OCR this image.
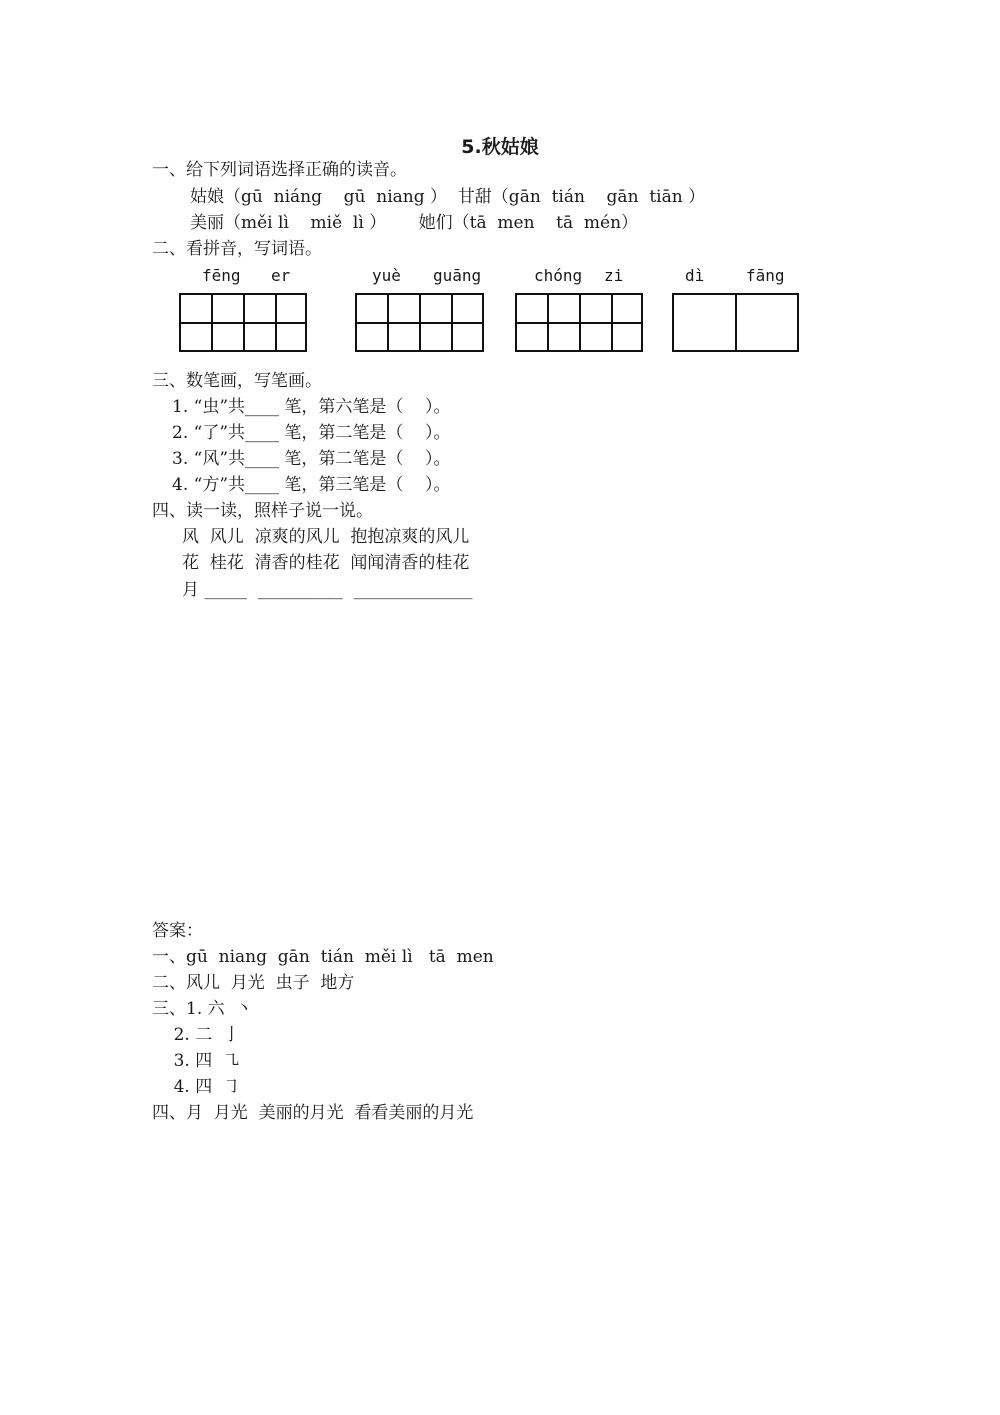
5.秋姑娘
一、给下列词语选择正确的读音。
姑娘（gū  niáng    gū  niang ）  甘甜（gān  tián    gān  tiān ）
美丽（měi lì    miě  lì ）      她们（tā  men    tā  mén）
二、看拼音，写词语。
fēng er	yuè guāng	chóng zi	dì	fāng
三、数笔画，写笔画。
1. “虫”共____ 笔，第六笔是（    ）。
2. “了”共____ 笔，第二笔是（    ）。
3. “风”共____ 笔，第二笔是（    ）。
4. “方”共____ 笔，第三笔是（    ）。
四、读一读，照样子说一说。
风  风儿  凉爽的风儿  抱抱凉爽的风儿
花  桂花  清香的桂花  闻闻清香的桂花
月 _____  __________  ______________
答案：
一、gū  niang  gān  tián  měi lì   tā  men
二、风儿  月光  虫子  地方
三、1. 六  丶
2. 二  亅
3. 四  ㇈
4. 四  ㇆
四、月  月光  美丽的月光  看看美丽的月光
